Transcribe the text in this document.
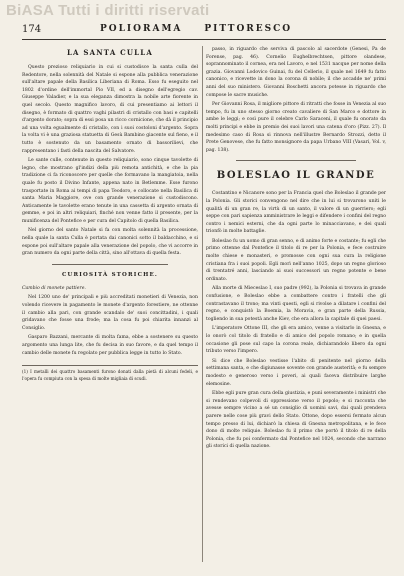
BiASA Tutti i diritti riservati
174	POLIORAMA PITTORESCO
LA SANTA CULLA

Questo prezioso reliquiario in cui si custodisce la santa culla del Redentore, nella solennità del Natale si espone alla pubblica venerazione sull'altare papale della Basilica Liberiana di Roma. Esso fu eseguito nel 1802 d'ordine dell'immortal Pio VII, ed a disegno dell'egregio cav. Giuseppe Valadier, e la sua eleganza dimostra la nobile arte fiorente in quel secolo. Questo magnifico lavoro, di cui presentiamo ai lettori il disegno, è formato di quattro vaghi pilastri di cristallo con basi e capitelli d'argento dorato; sopra di essi posa un ricco cornicione, che dà il principio ad una volta egualmente di cristallo, con i suoi costoloni d'argento. Sopra la volta vi è una graziosa statuetta di Gesù Bambino giacente sul fieno, e il tutto è sostenuto da un basamento ornato di bassorilievi, che rappresentano i fasti della nascita del Salvatore.

Le sante culle, contenute in questo reliquiario, sono cinque tavolette di legno, che mostrano gl'indizi della più remota antichità, e che la pia tradizione ci fa riconoscere per quelle che formavano la mangiatoia, nella quale fu posto il Divino Infante, appena nato in Betlemme. Esse furono trasportate in Roma ai tempi di papa Teodoro, e collocate nella Basilica di santa Maria Maggiore, ove con grande venerazione si custodiscono. Anticamente le tavolette erano tenute in una cassetta di argento ornata di gemme, e poi in altri reliquiari, finché non venne fatto il presente, per la munificenza del Pontefice e per cura del Capitolo di quella Basilica.

Nel giorno del santo Natale si fa con molta solennità la processione, nella quale la santa Culla è portata dai canonici sotto il baldacchino, e si espone poi sull'altare papale alla venerazione del popolo, che vi accorre in gran numero da ogni parte della città, sino all'ottava di quella festa.

CURIOSITÀ STORICHE.
Cambio di monete pattiere.

Nel 1200 uno de' principali e più accreditati monetieri di Venezia, non volendo ricevere in pagamento le monete d'argento forestiere, ne ottenne il cambio alla pari, con grande scandalo de' suoi concittadini, i quali gridavano che fosse una frode; ma la cosa fu poi chiarita innanzi al Consiglio.

Gasparo Bazzani, mercante di molta fama, ebbe a sostenere su questo argomento una lunga lite, che fu decisa in suo favore, e da quel tempo il cambio delle monete fu regolato per pubblica legge in tutto lo Stato.

(1) I metalli dei quattro basamenti furono donati dalla pietà di alcuni fedeli, e l'opera fu compiuta con la spesa di molte migliaia di scudi.

passo, in riguardo che serviva di pascolo al sacerdote (Genesi, Pa de Forense, pag. 46). Cornelio Eughelbrechtsen, pittore olandese, soprannominato il cornea, era nel Lavoro, e nel 1531 nacque per nome della grazia. Giovanni Lodovico Guinai, fu del Cellerio, il quale nel 1649 fu fatto canonico, e ricevette in dono la corona di nobile; il che accadde ne' primi anni del suo ministero. Giovanni Boschetti ancora potesse in riguardo che compose le sacre musiche.

Per Giovanni Rosa, il migliore pittore di ritratti che fosse in Venezia al suo tempo, fu in uno stesso giorno creato cavaliere di San Marco e dottore in ambe le leggi; e così pure il celebre Carlo Saraceni, il quale fu onorato da molti principi e ebbe in premio dei suoi lavori una catena d'oro (Pizz. 27). Il medesimo caso di Rosa si rinnova nell'illustre Bernardo Strozzi, detto il Prete Genovese, che fu fatto monsignore da papa Urbano VIII (Vasari, Vol. v, pag. 138).

BOLESLAO IL GRANDE

Costantino e Nicanore sono per la Francia quel che Boleslao il grande per la Polonia. Gli storici convengono nel dire che in lui si trovarono uniti le qualità di un gran re, la virtù di un santo, il valore di un guerriero; egli seppe con pari sapienza amministrare le leggi e difendere i confini del regno contro i nemici esterni, che da ogni parte lo minacciavano, e dei quali trionfò in molte battaglie.

Boleslao fu un uomo di gran senno, e di animo forte e costante; fu egli che primo ottenne dal Pontefice il titolo di re per la Polonia, e fece costruire molte chiese e monasteri, e promosse con ogni sua cura la religione cristiana fra i suoi popoli. Egli morì nell'anno 1025, dopo un regno glorioso di trentatré anni, lasciando ai suoi successori un regno potente e bene ordinato.

Alla morte di Mieceslao I, suo padre (992), la Polonia si trovava in grande confusione, e Boleslao ebbe a combattere contro i fratelli che gli contrastavano il trono; ma vinti questi, egli si rivolse a dilatare i confini del regno, e conquistò la Boemia, la Moravia, e gran parte della Russia, togliendo in sua potestà anche Kiev, che era allora la capitale di quei paesi.

L'imperatore Ottone III, che gli era amico, venne a visitarlo in Gnesna, e lo onorò col titolo di fratello e di amico del popolo romano; e in quella occasione gli pose sul capo la corona reale, dichiarandolo libero da ogni tributo verso l'impero.

Si dice che Boleslao vestisse l'abito di penitente nel giorno della settimana santa, e che digiunasse sovente con grande austerità; e fu sempre modesto e generoso verso i poveri, ai quali faceva distribuire larghe elemosine.

Ebbe egli pure gran cura della giustizia, e punì severamente i ministri che si rendevano colpevoli di oppressione verso il popolo; e si racconta che avesse sempre vicino a sé un consiglio di uomini savi, dai quali prendeva parere nelle cose più gravi dello Stato. Ottone, dopo essersi fermato alcun tempo presso di lui, dichiarò la chiesa di Gnesna metropolitana, e le fece dono di molte reliquie. Boleslao fu il primo che portò il titolo di re della Polonia, che fu poi confermato dal Pontefice nel 1024, secondo che narrano gli storici di quella nazione.
